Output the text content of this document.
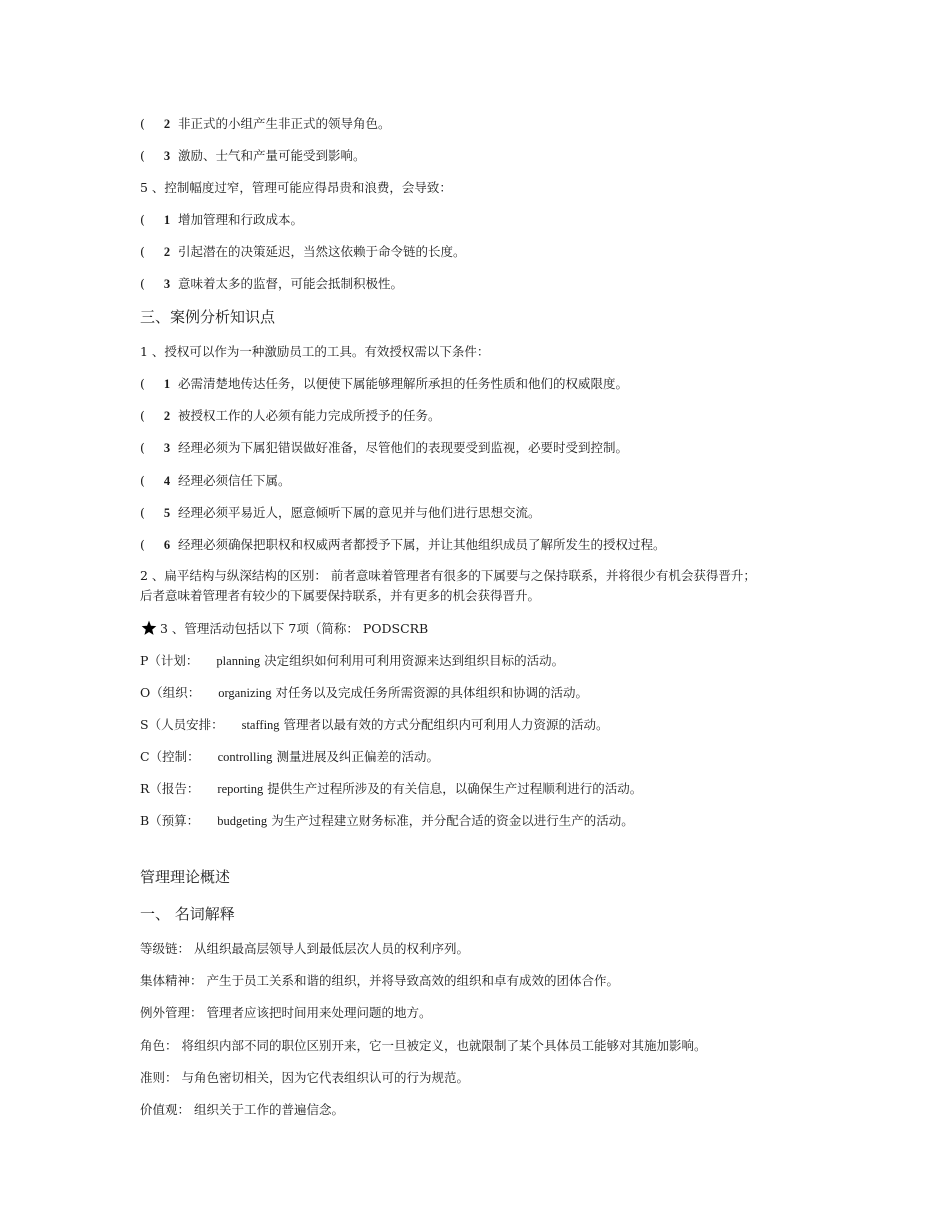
( 2 非正式的小组产生非正式的领导角色。
( 3 激励、士气和产量可能受到影响。
5 、控制幅度过窄，管理可能应得昂贵和浪费，会导致：
( 1 增加管理和行政成本。
( 2 引起潜在的决策延迟，当然这依赖于命令链的长度。
( 3 意味着太多的监督，可能会抵制积极性。
三、案例分析知识点
1 、授权可以作为一种激励员工的工具。有效授权需以下条件：
( 1 必需清楚地传达任务，以便使下属能够理解所承担的任务性质和他们的权威限度。
( 2 被授权工作的人必须有能力完成所授予的任务。
( 3 经理必须为下属犯错误做好准备，尽管他们的表现要受到监视，必要时受到控制。
( 4 经理必须信任下属。
( 5 经理必须平易近人，愿意倾听下属的意见并与他们进行思想交流。
( 6 经理必须确保把职权和权威两者都授予下属，并让其他组织成员了解所发生的授权过程。
2 、扁平结构与纵深结构的区别： 前者意味着管理者有很多的下属要与之保持联系，并将很少有机会获得晋升；
后者意味着管理者有较少的下属要保持联系，并有更多的机会获得晋升。
3 、管理活动包括以下 7项（简称： PODSCRB
P（计划： planning 决定组织如何利用可利用资源来达到组织目标的活动。
O（组织： organizing 对任务以及完成任务所需资源的具体组织和协调的活动。
S（人员安排： staffing 管理者以最有效的方式分配组织内可利用人力资源的活动。
C（控制： controlling 测量进展及纠正偏差的活动。
R（报告： reporting 提供生产过程所涉及的有关信息，以确保生产过程顺利进行的活动。
B（预算： budgeting 为生产过程建立财务标准，并分配合适的资金以进行生产的活动。
管理理论概述
一、 名词解释
等级链： 从组织最高层领导人到最低层次人员的权利序列。
集体精神： 产生于员工关系和谐的组织，并将导致高效的组织和卓有成效的团体合作。
例外管理： 管理者应该把时间用来处理问题的地方。
角色： 将组织内部不同的职位区别开来，它一旦被定义，也就限制了某个具体员工能够对其施加影响。
准则： 与角色密切相关，因为它代表组织认可的行为规范。
价值观： 组织关于工作的普遍信念。
